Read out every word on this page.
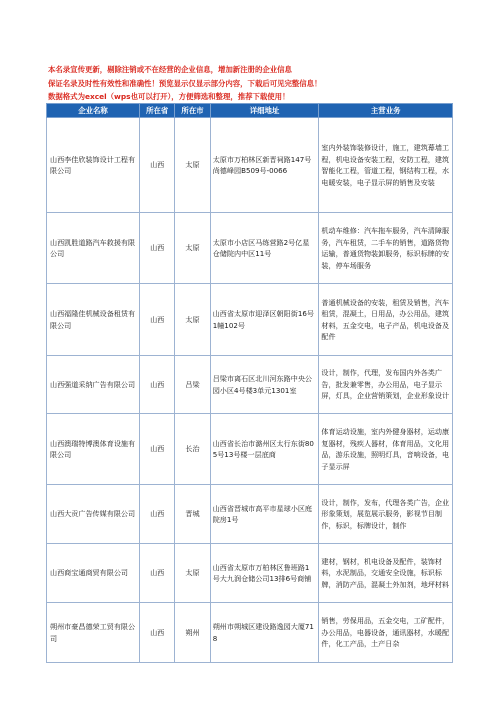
本名录宣传更新，剔除注销或不在经营的企业信息，增加新注册的企业信息
保证名录及时性有效性和准确性！预览显示仅显示部分内容，下载后可见完整信息！
数据格式为excel（wps也可以打开），方便筛选和整理，推荐下载使用！
企业名称	所在省	所在市	详细地址	主营业务
山西李佳欣装饰设计工程有限公司	山西	太原	太原市万柏林区新晋祠路147号尚德峰园B509号-0066	室内外装饰装修设计，施工，建筑幕墙工程，机电设备安装工程，安防工程，建筑智能化工程，管道工程，钢结构工程，水电暖安装，电子显示屏的销售及安装
山西凯胜道路汽车救援有限公司	山西	太原	太原市小店区马练营路2号亿星仓储院内中区11号	机动车维修：汽车拖车服务，汽车清障服务，汽车租赁，二手车的销售，道路货物运输，普通货物装卸服务，标识标牌的安装，停车场服务
山西福隆佳机械设备租赁有限公司	山西	太原	山西省太原市迎泽区朝阳街16号1幢102号	普通机械设备的安装，租赁及销售，汽车租赁，混凝土，日用品，办公用品，建筑材料，五金交电，电子产品，机电设备及配件
山西强道采纳广告有限公司	山西	吕梁	吕梁市离石区北川河东路中央公园小区4号楼3单元1301室	设计，制作，代理，发布国内外各类广告，批发兼零售，办公用品，电子显示屏，灯具，企业营销策划，企业形象设计
山西澳瑞特博澳体育设施有限公司	山西	长治	山西省长治市潞州区太行东街805号13号楼一层底商	体育运动设施，室内外健身器材，运动康复器材，残疾人器材，体育用品，文化用品，游乐设施，照明灯具，音响设备，电子显示屏
山西大贡广告传媒有限公司	山西	晋城	山西省晋城市高平市星球小区庭院房1号	设计，制作，发布，代理各类广告，企业形象策划，展览展示服务，影视节目制作，标识，标牌设计，制作
山西商宝通商贸有限公司	山西	太原	山西省太原市万柏林区鲁班路1号大九润仓储公司13排6号商铺	建材，钢材，机电设备及配件，装饰材料，水泥制品，交通安全设施，标识标牌，消防产品，混凝土外加剂，地坪材料
朔州市豪昌德荣工贸有限公司	山西	朔州	朔州市朔城区建设路逸园大厦718	销售，劳保用品，五金交电，工矿配件，办公用品，电器设备，通讯器材，水暖配件，化工产品，土产日杂
